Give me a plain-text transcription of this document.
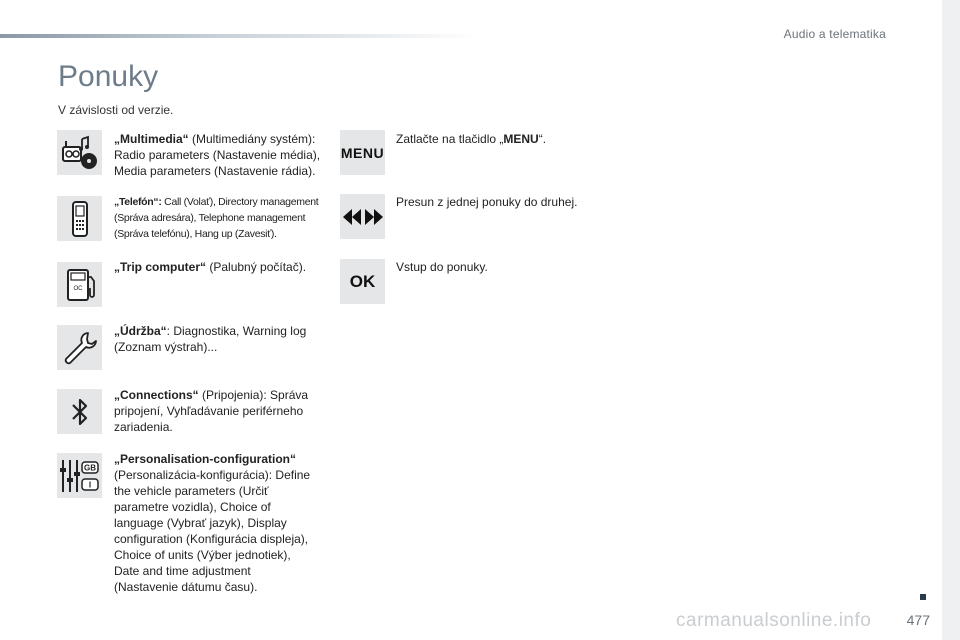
Audio a telematika
Ponuky
V závislosti od verzie.
„Multimedia“ (Multimediány systém): Radio parameters (Nastavenie média), Media parameters (Nastavenie rádia).
„Telefón“: Call (Volať), Directory management (Správa adresára), Telephone management (Správa telefónu), Hang up (Zavesiť).
OC
„Trip computer“ (Palubný počítač).
„Údržba“: Diagnostika, Warning log (Zoznam výstrah)...
„Connections“ (Pripojenia): Správa pripojení, Vyhľadávanie periférneho zariadenia.
GB
I
„Personalisation-configuration“ (Personalizácia-konfigurácia): Define the vehicle parameters (Určiť parametre vozidla), Choice of language (Vybrať jazyk), Display configuration (Konfigurácia displeja), Choice of units (Výber jednotiek), Date and time adjustment (Nastavenie dátumu času).
MENU
Zatlačte na tlačidlo „MENU“.
Presun z jednej ponuky do druhej.
OK
Vstup do ponuky.
carmanualsonline.info	477
